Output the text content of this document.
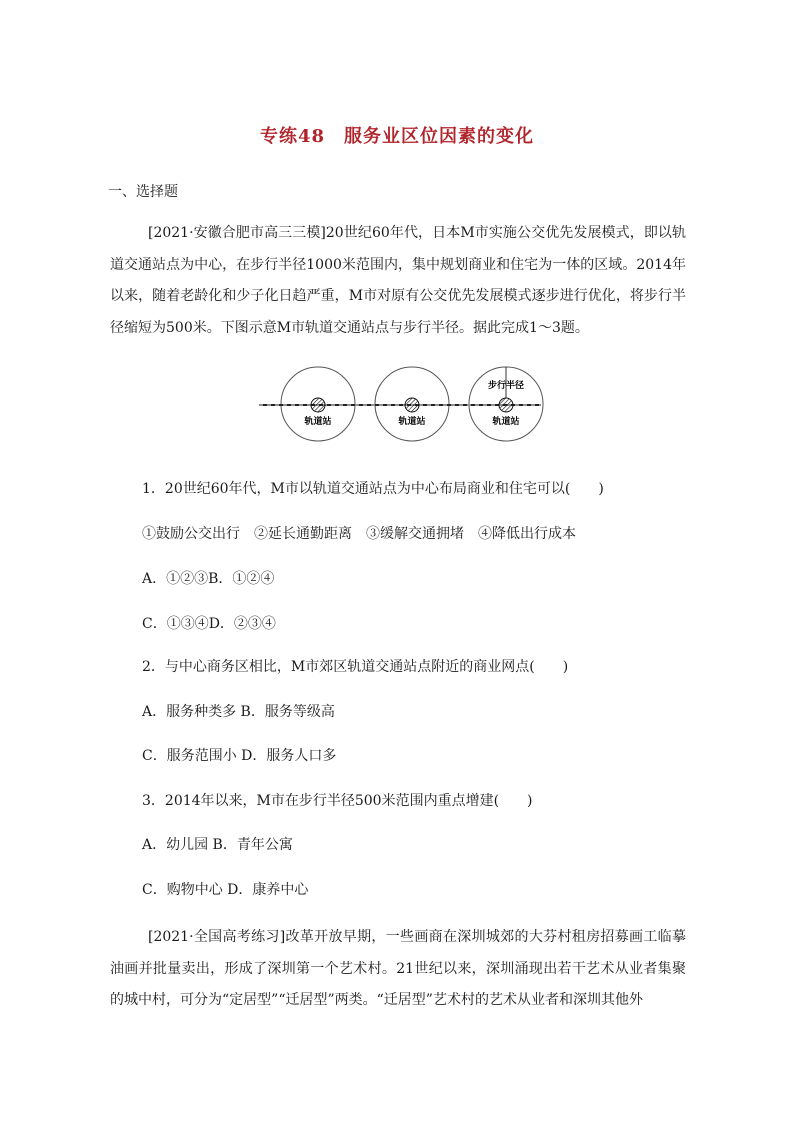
专练48　服务业区位因素的变化
一、选择题
[2021·安徽合肥市高三三模]20世纪60年代，日本M市实施公交优先发展模式，即以轨道交通站点为中心，在步行半径1000米范围内，集中规划商业和住宅为一体的区域。2014年以来，随着老龄化和少子化日趋严重，M市对原有公交优先发展模式逐步进行优化，将步行半径缩短为500米。下图示意M市轨道交通站点与步行半径。据此完成1～3题。
步行半径
轨道站	轨道站	轨道站
1．20世纪60年代，M市以轨道交通站点为中心布局商业和住宅可以(　　)
①鼓励公交出行　②延长通勤距离　③缓解交通拥堵　④降低出行成本
A．①②③B．①②④
C．①③④D．②③④
2．与中心商务区相比，M市郊区轨道交通站点附近的商业网点(　　)
A．服务种类多 B．服务等级高
C．服务范围小 D．服务人口多
3．2014年以来，M市在步行半径500米范围内重点增建(　　)
A．幼儿园 B．青年公寓
C．购物中心 D．康养中心
[2021·全国高考练习]改革开放早期，一些画商在深圳城郊的大芬村租房招募画工临摹油画并批量卖出，形成了深圳第一个艺术村。21世纪以来，深圳涌现出若干艺术从业者集聚的城中村，可分为“定居型”“迁居型”两类。“迁居型”艺术村的艺术从业者和深圳其他外
